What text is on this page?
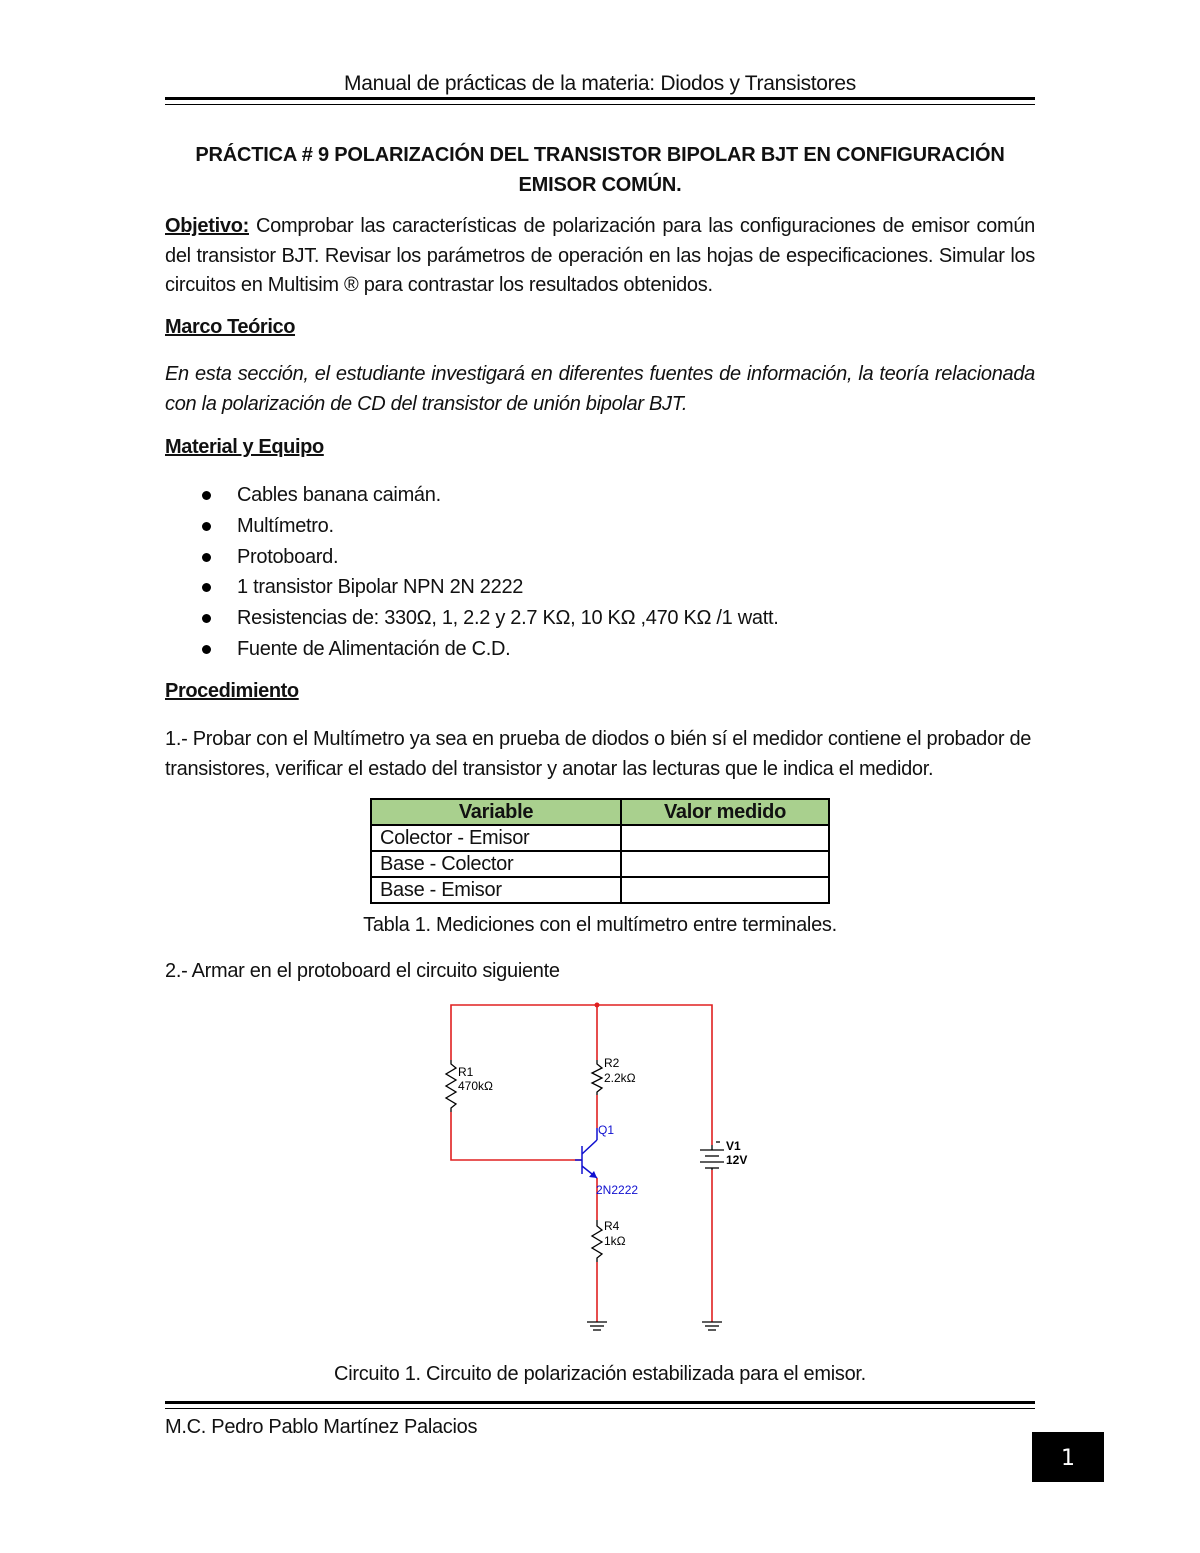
Manual de prácticas de la materia: Diodos y Transistores
PRÁCTICA # 9 POLARIZACIÓN DEL TRANSISTOR BIPOLAR BJT EN CONFIGURACIÓN
EMISOR COMÚN.
Objetivo: Comprobar las características de polarización para las configuraciones de emisor común del transistor BJT. Revisar los parámetros de operación en las hojas de especificaciones. Simular los circuitos en Multisim ® para contrastar los resultados obtenidos.
Marco Teórico
En esta sección, el estudiante investigará en diferentes fuentes de información, la teoría relacionada con la polarización de CD del transistor de unión bipolar BJT.
Material y Equipo
Cables banana caimán.
Multímetro.
Protoboard.
1 transistor Bipolar NPN 2N 2222
Resistencias de: 330Ω, 1, 2.2 y 2.7 KΩ, 10 KΩ ,470 KΩ /1 watt.
Fuente de Alimentación de C.D.
Procedimiento
1.- Probar con el Multímetro ya sea en prueba de diodos o bién sí el medidor contiene el probador de transistores, verificar el estado del transistor y anotar las lecturas que le indica el medidor.
Variable	Valor medido
Colector - Emisor	
Base - Colector	
Base - Emisor	
Tabla 1. Mediciones con el multímetro entre terminales.
2.- Armar en el protoboard el circuito siguiente
R1
470kΩ
R2
2.2kΩ
Q1
2N2222
R4
1kΩ
V1
12V
Circuito 1. Circuito de polarización estabilizada para el emisor.
M.C. Pedro Pablo Martínez Palacios
1
